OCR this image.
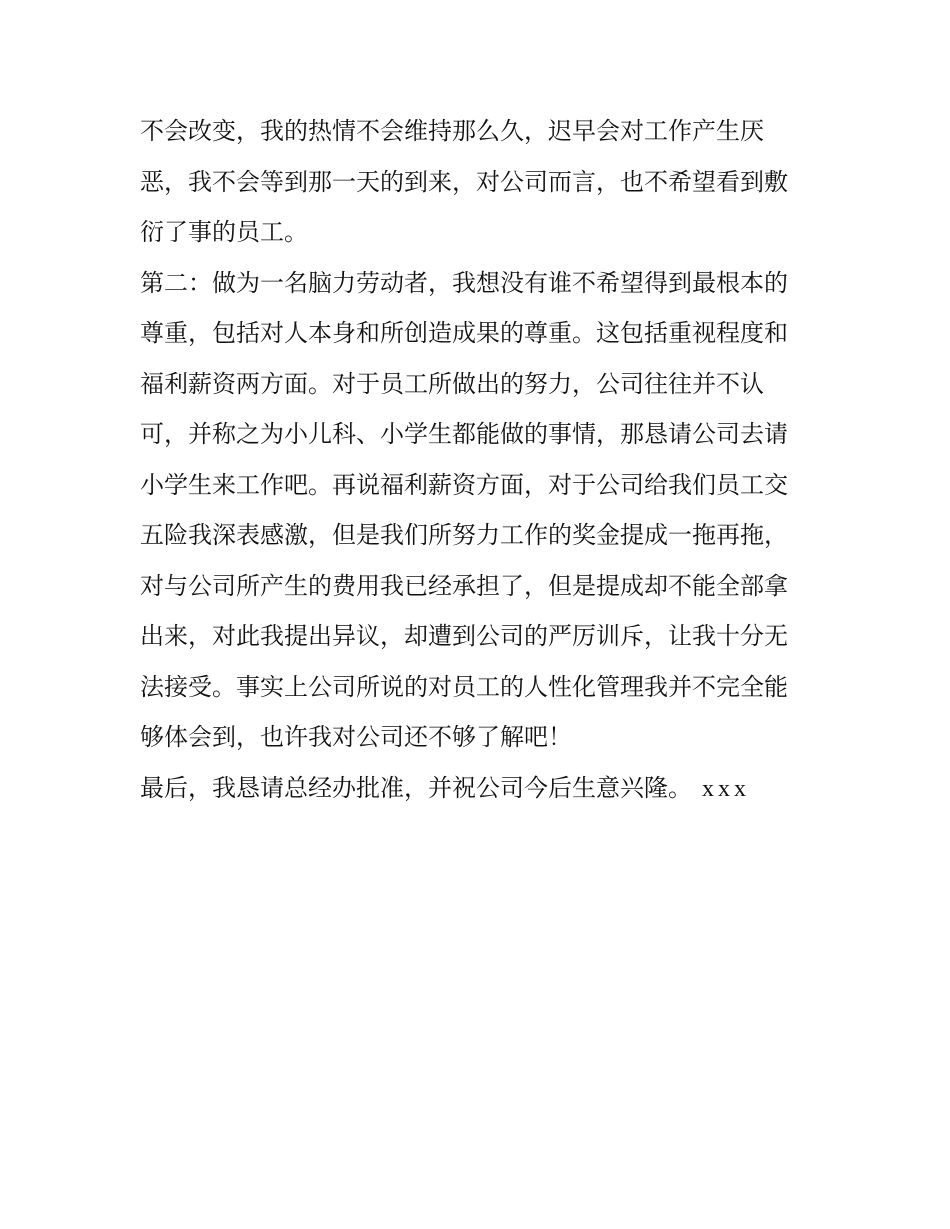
不会改变，我的热情不会维持那么久，迟早会对工作产生厌
恶，我不会等到那一天的到来，对公司而言，也不希望看到敷
衍了事的员工。
第二：做为一名脑力劳动者，我想没有谁不希望得到最根本的
尊重，包括对人本身和所创造成果的尊重。这包括重视程度和
福利薪资两方面。对于员工所做出的努力，公司往往并不认
可，并称之为小儿科、小学生都能做的事情，那恳请公司去请
小学生来工作吧。再说福利薪资方面，对于公司给我们员工交
五险我深表感激，但是我们所努力工作的奖金提成一拖再拖，
对与公司所产生的费用我已经承担了，但是提成却不能全部拿
出来，对此我提出异议，却遭到公司的严厉训斥，让我十分无
法接受。事实上公司所说的对员工的人性化管理我并不完全能
够体会到，也许我对公司还不够了解吧！
最后，我恳请总经办批准，并祝公司今后生意兴隆。 xxx
